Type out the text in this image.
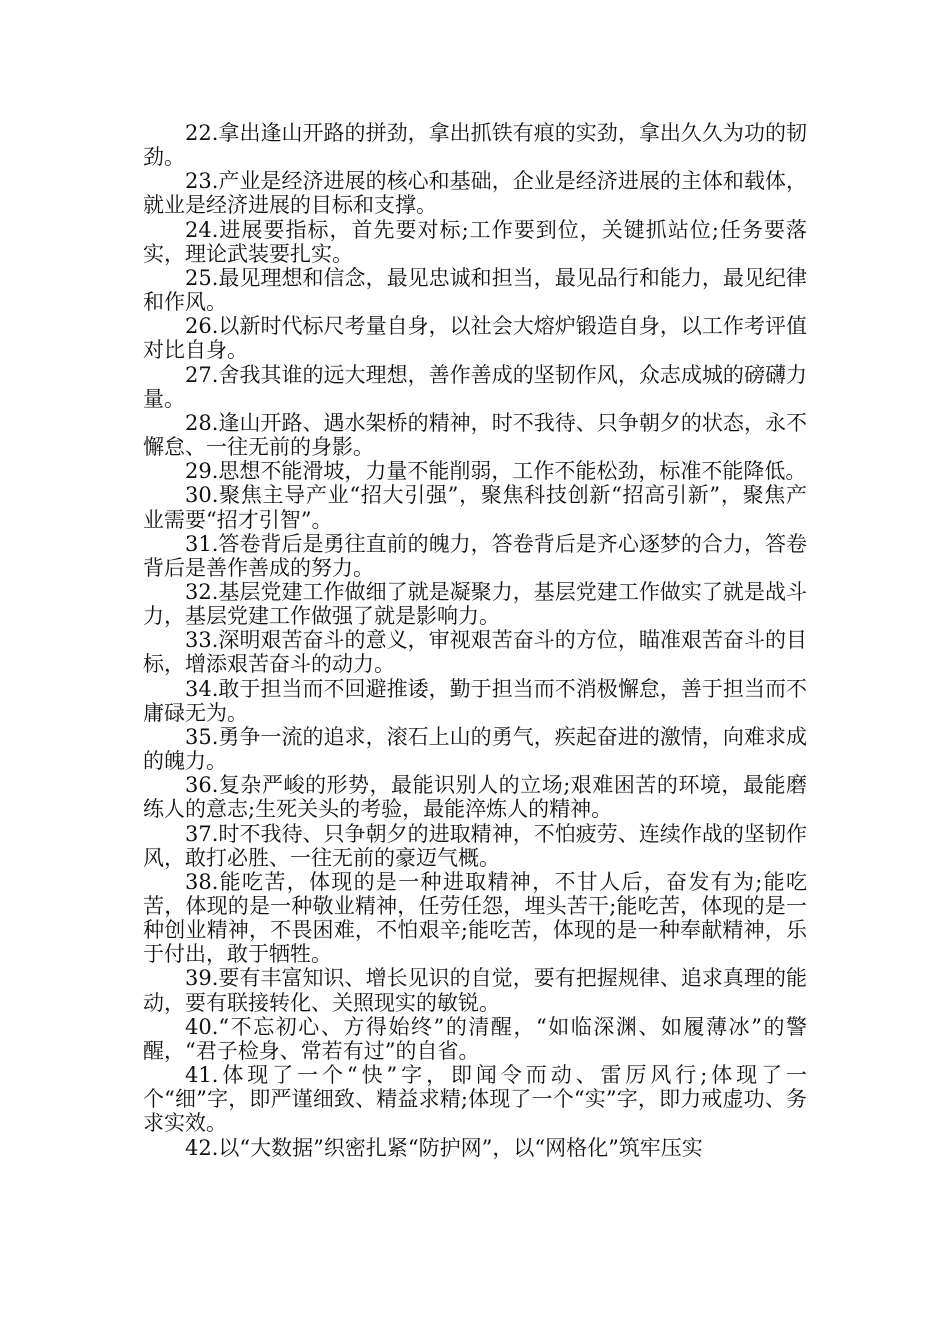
22.拿出逢山开路的拼劲，拿出抓铁有痕的实劲，拿出久久为功的韧劲。

23.产业是经济进展的核心和基础，企业是经济进展的主体和载体，就业是经济进展的目标和支撑。

24.进展要指标，首先要对标;工作要到位，关键抓站位;任务要落实，理论武装要扎实。

25.最见理想和信念，最见忠诚和担当，最见品行和能力，最见纪律和作风。

26.以新时代标尺考量自身，以社会大熔炉锻造自身，以工作考评值对比自身。

27.舍我其谁的远大理想，善作善成的坚韧作风，众志成城的磅礴力量。

28.逢山开路、遇水架桥的精神，时不我待、只争朝夕的状态，永不懈怠、一往无前的身影。

29.思想不能滑坡，力量不能削弱，工作不能松劲，标准不能降低。

30.聚焦主导产业“招大引强”，聚焦科技创新“招高引新”，聚焦产业需要“招才引智”。

31.答卷背后是勇往直前的魄力，答卷背后是齐心逐梦的合力，答卷背后是善作善成的努力。

32.基层党建工作做细了就是凝聚力，基层党建工作做实了就是战斗力，基层党建工作做强了就是影响力。

33.深明艰苦奋斗的意义，审视艰苦奋斗的方位，瞄准艰苦奋斗的目标，增添艰苦奋斗的动力。

34.敢于担当而不回避推诿，勤于担当而不消极懈怠，善于担当而不庸碌无为。

35.勇争一流的追求，滚石上山的勇气，疾起奋进的激情，向难求成的魄力。

36.复杂严峻的形势，最能识别人的立场;艰难困苦的环境，最能磨练人的意志;生死关头的考验，最能淬炼人的精神。

37.时不我待、只争朝夕的进取精神，不怕疲劳、连续作战的坚韧作风，敢打必胜、一往无前的豪迈气概。

38.能吃苦，体现的是一种进取精神，不甘人后，奋发有为;能吃苦，体现的是一种敬业精神，任劳任怨，埋头苦干;能吃苦，体现的是一种创业精神，不畏困难，不怕艰辛;能吃苦，体现的是一种奉献精神，乐于付出，敢于牺牲。

39.要有丰富知识、增长见识的自觉，要有把握规律、追求真理的能动，要有联接转化、关照现实的敏锐。

40.“不忘初心、方得始终”的清醒，“如临深渊、如履薄冰”的警醒，“君子检身、常若有过”的自省。

41.体现了一个“快”字，即闻令而动、雷厉风行;体现了一个“细”字，即严谨细致、精益求精;体现了一个“实”字，即力戒虚功、务求实效。

42.以“大数据”织密扎紧“防护网”，以“网格化”筑牢压实
